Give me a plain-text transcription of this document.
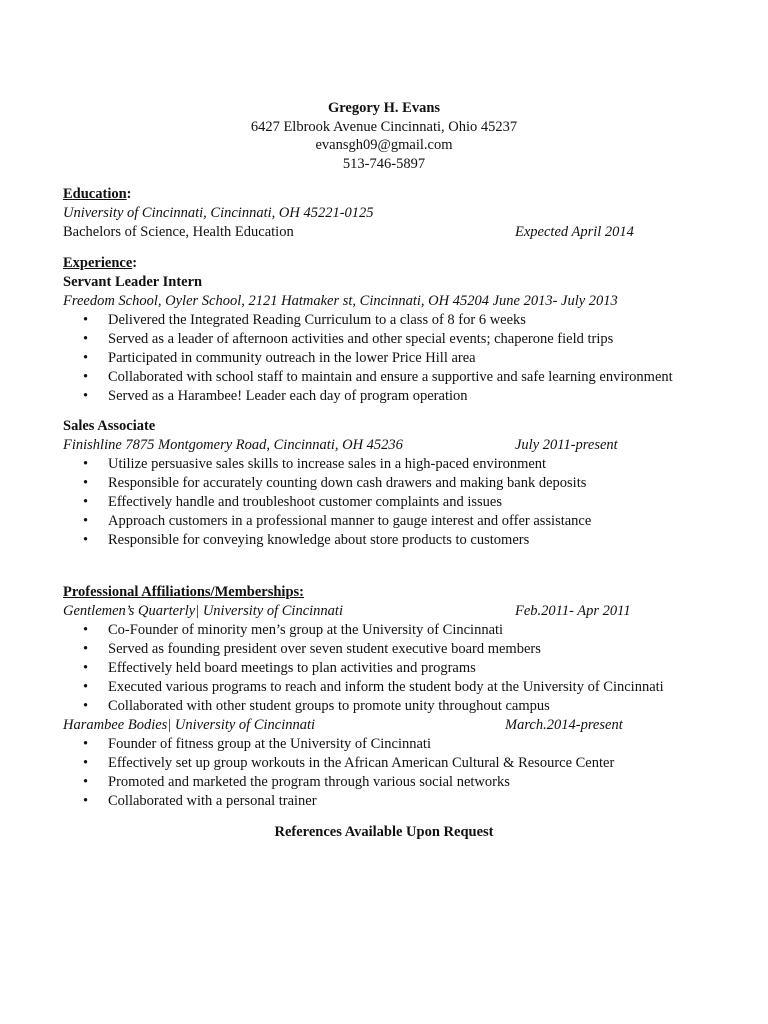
Gregory H. Evans
6427 Elbrook Avenue Cincinnati, Ohio 45237
evansgh09@gmail.com
513-746-5897
Education:
University of Cincinnati, Cincinnati, OH 45221-0125
Bachelors of Science, Health Education	Expected April 2014
Experience:
Servant Leader Intern
Freedom School, Oyler School, 2121 Hatmaker st, Cincinnati, OH 45204 June 2013- July 2013
• Delivered the Integrated Reading Curriculum to a class of 8 for 6 weeks
• Served as a leader of afternoon activities and other special events; chaperone field trips
• Participated in community outreach in the lower Price Hill area
• Collaborated with school staff to maintain and ensure a supportive and safe learning environment
• Served as a Harambee! Leader each day of program operation
Sales Associate
Finishline 7875 Montgomery Road, Cincinnati, OH 45236	July 2011-present
• Utilize persuasive sales skills to increase sales in a high-paced environment
• Responsible for accurately counting down cash drawers and making bank deposits
• Effectively handle and troubleshoot customer complaints and issues
• Approach customers in a professional manner to gauge interest and offer assistance
• Responsible for conveying knowledge about store products to customers
Professional Affiliations/Memberships:
Gentlemen’s Quarterly| University of Cincinnati	Feb.2011- Apr 2011
• Co-Founder of minority men’s group at the University of Cincinnati
• Served as founding president over seven student executive board members
• Effectively held board meetings to plan activities and programs
• Executed various programs to reach and inform the student body at the University of Cincinnati
• Collaborated with other student groups to promote unity throughout campus
Harambee Bodies| University of Cincinnati	March.2014-present
• Founder of fitness group at the University of Cincinnati
• Effectively set up group workouts in the African American Cultural & Resource Center
• Promoted and marketed the program through various social networks
• Collaborated with a personal trainer
References Available Upon Request
